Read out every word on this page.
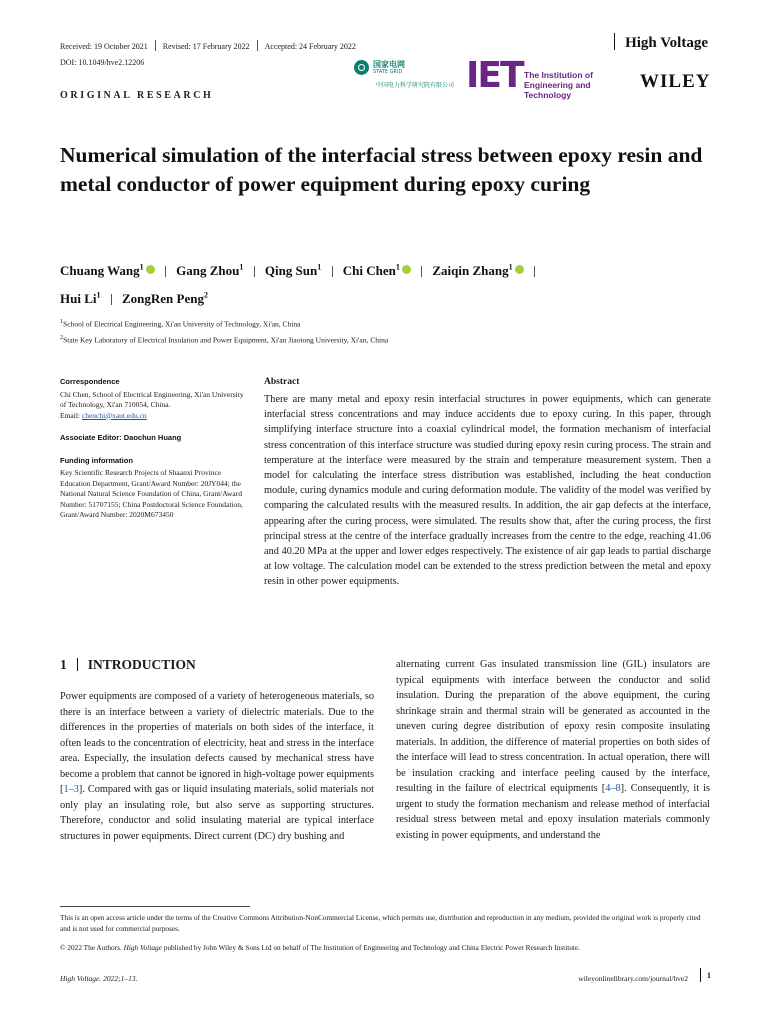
Received: 19 October 2021 Revised: 17 February 2022 Accepted: 24 February 2022	High Voltage
DOI: 10.1049/hve2.12206
ORIGINAL RESEARCH
国家电网
STATE GRID
中国电力科学研究院有限公司 IET The Institution of
Engineering and Technology
WILEY
Numerical simulation of the interfacial stress between epoxy resin and metal conductor of power equipment during epoxy curing
Chuang Wang$^1$	Gang Zhou$^1$ Qing Sun$^1$ Chi Chen$^1$	Zaiqin Zhang$^1$
Hui Li$^1$ ZongRen Peng$^2$
$^1$School of Electrical Engineering, Xi'an University of Technology, Xi'an, China
$^2$State Key Laboratory of Electrical Insulation and Power Equipment, Xi'an Jiaotong University, Xi'an, China
Correspondence
Chi Chen, School of Electrical Engineering, Xi'an University of Technology, Xi'an 710054, China.
Email: chenchi@xaut.edu.cn
Associate Editor: Daochun Huang
Funding information
Key Scientific Research Projects of Shaanxi Province Education Department, Grant/Award Number: 20JY044; the National Natural Science Foundation of China, Grant/Award Number: 51707155; China Postdoctoral Science Foundation, Grant/Award Number: 2020M673450
Abstract
There are many metal and epoxy resin interfacial structures in power equipments, which can generate interfacial stress concentrations and may induce accidents due to epoxy curing. In this paper, through simplifying interface structure into a coaxial cylindrical model, the formation mechanism of interfacial stress concentration of this interface structure was studied during epoxy resin curing process. The strain and temperature at the interface were measured by the strain and temperature measurement system. Then a model for calculating the interface stress distribution was established, including the heat conduction module, curing dynamics module and curing deformation module. The validity of the model was verified by comparing the calculated results with the measured results. In addition, the air gap defects at the interface, appearing after the curing process, were simulated. The results show that, after the curing process, the first principal stress at the centre of the interface gradually increases from the centre to the edge, reaching 41.06 and 40.20 MPa at the upper and lower edges respectively. The existence of air gap leads to partial discharge at low voltage. The calculation model can be extended to the stress prediction between the metal and epoxy resin in other power equipments.
1 INTRODUCTION
Power equipments are composed of a variety of heterogeneous materials, so there is an interface between a variety of dielectric materials. Due to the differences in the properties of materials on both sides of the interface, it often leads to the concentration of electricity, heat and stress in the interface area. Especially, the insulation defects caused by mechanical stress have become a problem that cannot be ignored in high-voltage power equipments [1–3]. Compared with gas or liquid insulating materials, solid materials not only play an insulating role, but also serve as supporting structures. Therefore, conductor and solid insulating material are typical interface structures in power equipments. Direct current (DC) dry bushing and
alternating current Gas insulated transmission line (GIL) insulators are typical equipments with interface between the conductor and solid insulation. During the preparation of the above equipment, the curing shrinkage strain and thermal strain will be generated as accounted in the uneven curing degree distribution of epoxy resin composite insulating materials. In addition, the difference of material properties on both sides of the interface will lead to stress concentration. In actual operation, there will be insulation cracking and interface peeling caused by the interface, resulting in the failure of electrical equipments [4–8]. Consequently, it is urgent to study the formation mechanism and release method of interfacial residual stress between metal and epoxy insulation materials commonly existing in power equipments, and understand the
This is an open access article under the terms of the Creative Commons Attribution-NonCommercial License, which permits use, distribution and reproduction in any medium, provided the original work is properly cited and is not used for commercial purposes.
© 2022 The Authors. High Voltage published by John Wiley & Sons Ltd on behalf of The Institution of Engineering and Technology and China Electric Power Research Institute.
High Voltage. 2022;1–13.	wileyonlinelibrary.com/journal/hve2	1
